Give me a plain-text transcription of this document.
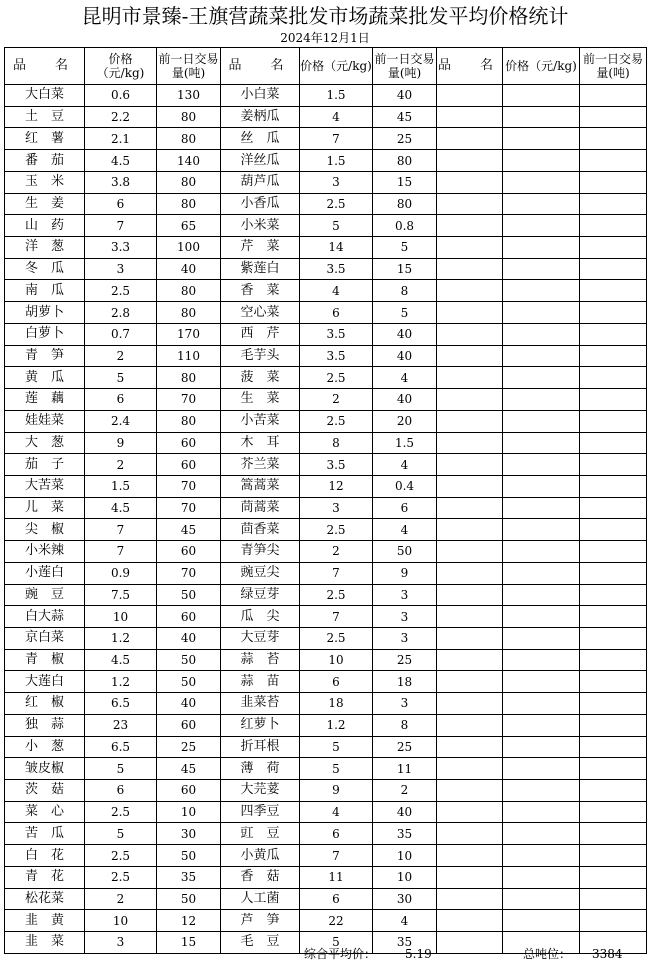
昆明市景臻-王旗营蔬菜批发市场蔬菜批发平均价格统计
2024年12月1日
品　名	价格（元/kg)	前一日交易量(吨)	品　名	价格（元/kg)	前一日交易量(吨)	品　名	价格（元/kg)	前一日交易量(吨)
大白菜	0.6	130	小白菜	1.5	40			
土　豆	2.2	80	姜柄瓜	4	45			
红　薯	2.1	80	丝　瓜	7	25			
番　茄	4.5	140	洋丝瓜	1.5	80			
玉　米	3.8	80	葫芦瓜	3	15			
生　姜	6	80	小香瓜	2.5	80			
山　药	7	65	小米菜	5	0.8			
洋　葱	3.3	100	芹　菜	14	5			
冬　瓜	3	40	紫莲白	3.5	15			
南　瓜	2.5	80	香　菜	4	8			
胡萝卜	2.8	80	空心菜	6	5			
白萝卜	0.7	170	西　芹	3.5	40			
青　笋	2	110	毛芋头	3.5	40			
黄　瓜	5	80	菠　菜	2.5	4			
莲　藕	6	70	生　菜	2	40			
娃娃菜	2.4	80	小苦菜	2.5	20			
大　葱	9	60	木　耳	8	1.5			
茄　子	2	60	芥兰菜	3.5	4			
大苦菜	1.5	70	篙蒿菜	12	0.4			
儿　菜	4.5	70	茼蒿菜	3	6			
尖　椒	7	45	茴香菜	2.5	4			
小米辣	7	60	青笋尖	2	50			
小莲白	0.9	70	豌豆尖	7	9			
豌　豆	7.5	50	绿豆芽	2.5	3			
白大蒜	10	60	瓜　尖	7	3			
京白菜	1.2	40	大豆芽	2.5	3			
青　椒	4.5	50	蒜　苔	10	25			
大莲白	1.2	50	蒜　苗	6	18			
红　椒	6.5	40	韭菜苔	18	3			
独　蒜	23	60	红萝卜	1.2	8			
小　葱	6.5	25	折耳根	5	25			
皱皮椒	5	45	薄　荷	5	11			
茨　菇	6	60	大芫荽	9	2			
菜　心	2.5	10	四季豆	4	40			
苦　瓜	5	30	豇　豆	6	35			
白　花	2.5	50	小黄瓜	7	10			
青　花	2.5	35	香　菇	11	10			
松花菜	2	50	人工菌	6	30			
韭　黄	10	12	芦　笋	22	4			
韭　菜	3	15	毛　豆	5	35			
综合平均价： 5.19	总吨位： 3384
